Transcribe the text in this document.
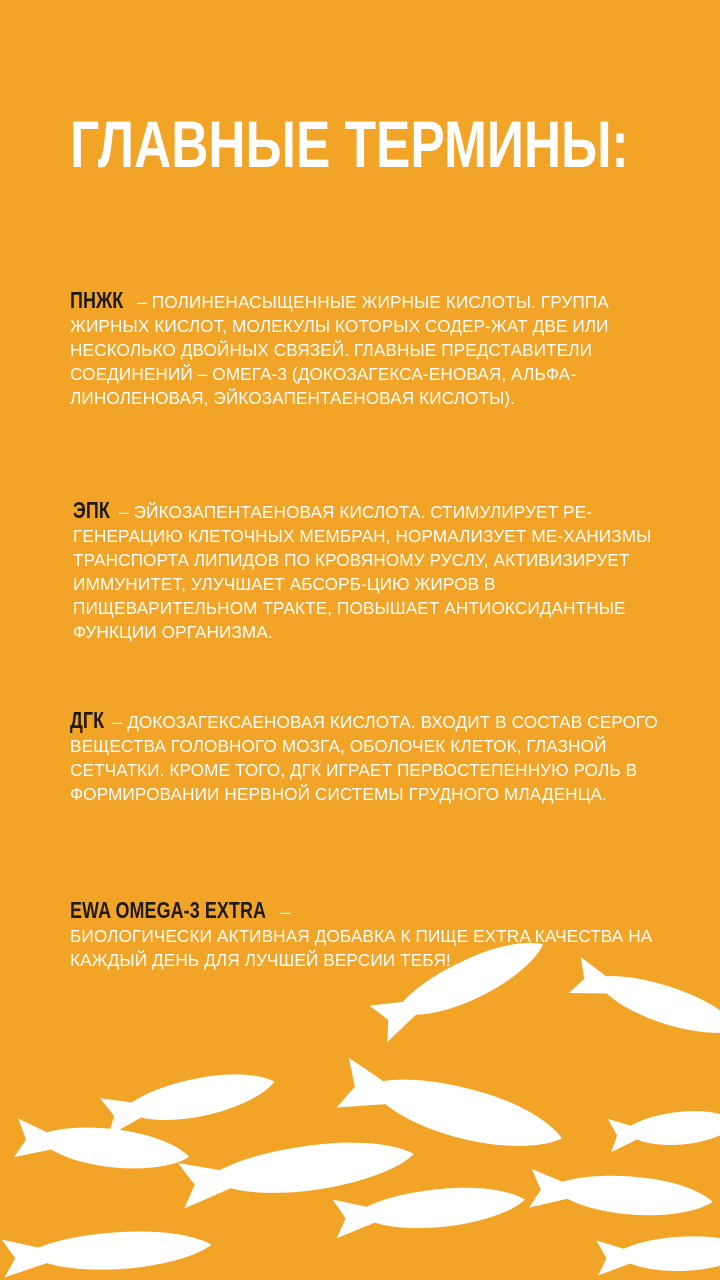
ГЛАВНЫЕ ТЕРМИНЫ:

ПНЖК – ПОЛИНЕНАСЫЩЕННЫЕ ЖИРНЫЕ КИСЛОТЫ. ГРУППА ЖИРНЫХ КИСЛОТ, МОЛЕКУЛЫ КОТОРЫХ СОДЕР-ЖАТ ДВЕ ИЛИ НЕСКОЛЬКО ДВОЙНЫХ СВЯЗЕЙ. ГЛАВНЫЕ ПРЕДСТАВИТЕЛИ СОЕДИНЕНИЙ – ОМЕГА-3 (ДОКОЗАГЕКСА-ЕНОВАЯ, АЛЬФА-ЛИНОЛЕНОВАЯ, ЭЙКОЗАПЕНТАЕНОВАЯ КИСЛОТЫ).

ЭПК – ЭЙКОЗАПЕНТАЕНОВАЯ КИСЛОТА. СТИМУЛИРУЕТ РЕ-ГЕНЕРАЦИЮ КЛЕТОЧНЫХ МЕМБРАН, НОРМАЛИЗУЕТ МЕ-ХАНИЗМЫ ТРАНСПОРТА ЛИПИДОВ ПО КРОВЯНОМУ РУСЛУ, АКТИВИЗИРУЕТ ИММУНИТЕТ, УЛУЧШАЕТ АБСОРБ-ЦИЮ ЖИРОВ В ПИЩЕВАРИТЕЛЬНОМ ТРАКТЕ, ПОВЫШАЕТ АНТИОКСИДАНТНЫЕ ФУНКЦИИ ОРГАНИЗМА.

ДГК – ДОКОЗАГЕКСАЕНОВАЯ КИСЛОТА. ВХОДИТ В СОСТАВ СЕРОГО ВЕЩЕСТВА ГОЛОВНОГО МОЗГА, ОБОЛОЧЕК КЛЕТОК, ГЛАЗНОЙ СЕТЧАТКИ. КРОМЕ ТОГО, ДГК ИГРАЕТ ПЕРВОСТЕПЕННУЮ РОЛЬ В ФОРМИРОВАНИИ НЕРВНОЙ СИСТЕМЫ ГРУДНОГО МЛАДЕНЦА.

EWA OMEGA-3 EXTRA –
БИОЛОГИЧЕСКИ АКТИВНАЯ ДОБАВКА К ПИЩЕ EXTRA КАЧЕСТВА НА КАЖДЫЙ ДЕНЬ ДЛЯ ЛУЧШЕЙ ВЕРСИИ ТЕБЯ!
